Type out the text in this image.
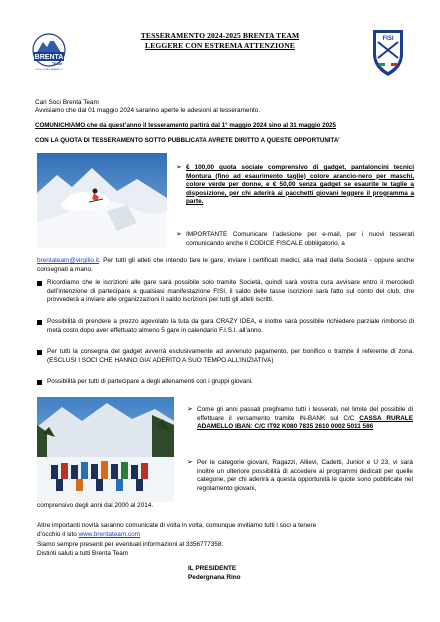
BRENTA
TEAM
SCI DOLOMITI ADAMELLO
FISI
TESSERAMENTO 2024-2025 BRENTA TEAM
LEGGERE CON ESTREMA ATTENZIONE
Cari Soci Brenta Team
Avvisiamo che dal 01 maggio 2024 saranno aperte le adesioni al tesseramento.
COMUNICHIAMO che da quest’anno il tesseramento partirà dal 1° maggio 2024 sino al 31 maggio 2025
CON LA QUOTA DI TESSERAMENTO SOTTO PUBBLICATA AVRETE DIRITTO A QUESTE OPPORTUNITA’
➢ € 100,00 quota sociale comprensivo di gadget, pantaloncini tecnici Montura (fino ad esaurimento taglie) colore arancio-nero per maschi, colore verde per donne, e € 50,00 senza gadget se esaurite le taglie a disposizione, per chi aderirà ai pacchetti giovani leggere il programma a parte.
➢ IMPORTANTE Comunicare l’adesione per e-mail, per i nuovi tesserati comunicando anche il CODICE FISCALE obbligatorio, a

brentateam@virgilio.it. Per tutti gli atleti che intendo fare le gare, inviare i certificati medici, alla mail della Società - oppure anche consegnati a mano.

Ricordiamo che le iscrizioni alle gare sarà possibile solo tramite Società, quindi sarà vostra cura avvisare entro il mercoledì dell’intenzione di partecipare a qualsiasi manifestazione FISI, il saldo delle tasse iscrizioni sarà fatto sul conto del club, che provvederà a inviare alle organizzazioni il saldo iscrizioni per tutti gli atleti iscritti.
Possibilità di prendere a prezzo agevolato la tuta da gara CRAZY IDEA, e inoltre sarà possibile richiedere parziale rimborso di metà costo dopo aver effettuato almeno 5 gare in calendario F.I.S.I. all’anno.
Per tutti la consegna del gadget avverrà esclusivamente ad avvenuto pagamento, per bonifico o tramite il referente di zona. (ESCLUSI I SOCI CHE HANNO GIA’ ADERITO A SUO TEMPO ALL’INIZIATIVA)
Possibilità per tutti di partecipare a degli allenamenti con i gruppi giovani.
➢ Come gli anni passati preghiamo tutti i tesserati, nel limite del possibile di effettuare il versamento tramite IN-BANK sul C/C CASSA RURALE ADAMELLO IBAN: C/C IT92 K080 7835 2610 0002 5011 586
➢ Per le categorie giovani, Ragazzi, Allievi, Cadetti, Junior e U 23, vi sarà inoltre un ulteriore possibilità di accedere ai programmi dedicati per quelle categorie, per chi aderirà a questa opportunità le quote sono pubblicate nel regolamento giovani,
comprensivo degli anni dal 2000 al 2014.
Altre importanti novità saranno comunicate di volta in volta, comunque invitiamo tutti i soci a tenere
d’occhio il sito www.brentateam.com
Siamo sempre presenti per eventuali informazioni al 3356777358.
Distinti saluti a tutti Brenta Team
IL PRESIDENTE
Pedergnana Rino
